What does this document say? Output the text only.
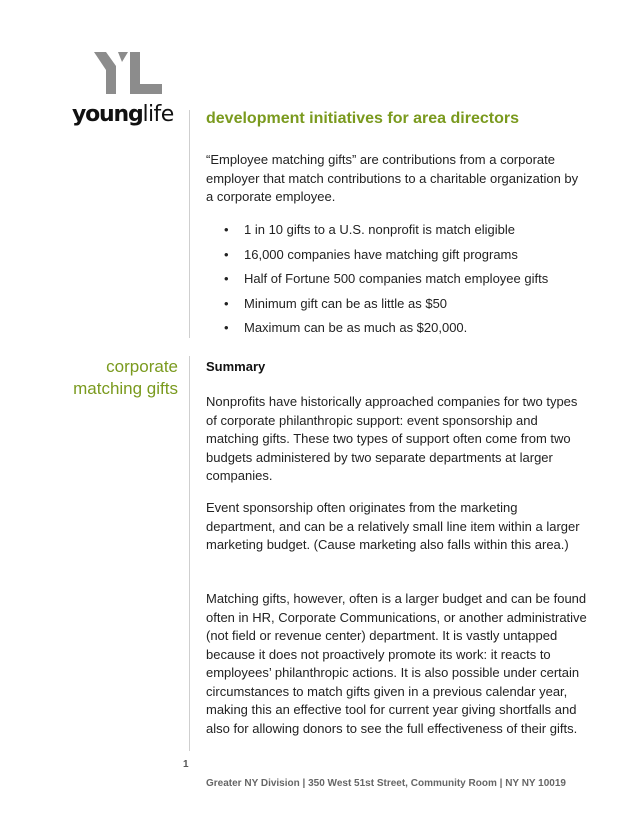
younglife development initiatives for area directors

“Employee matching gifts” are contributions from a corporate employer that match contributions to a charitable organization by a corporate employee.

• 1 in 10 gifts to a U.S. nonprofit is match eligible
• 16,000 companies have matching gift programs
• Half of Fortune 500 companies match employee gifts
• Minimum gift can be as little as $50
• Maximum can be as much as $20,000.
corporate
matching gifts
Summary

Nonprofits have historically approached companies for two types of corporate philanthropic support: event sponsorship and matching gifts. These two types of support often come from two budgets administered by two separate departments at larger companies.

Event sponsorship often originates from the marketing department, and can be a relatively small line item within a larger marketing budget. (Cause marketing also falls within this area.)

Matching gifts, however, often is a larger budget and can be found often in HR, Corporate Communications, or another administrative (not field or revenue center) department. It is vastly untapped because it does not proactively promote its work: it reacts to employees’ philanthropic actions. It is also possible under certain circumstances to match gifts given in a previous calendar year, making this an effective tool for current year giving shortfalls and also for allowing donors to see the full effectiveness of their gifts.

1

Greater NY Division | 350 West 51st Street, Community Room | NY NY 10019
